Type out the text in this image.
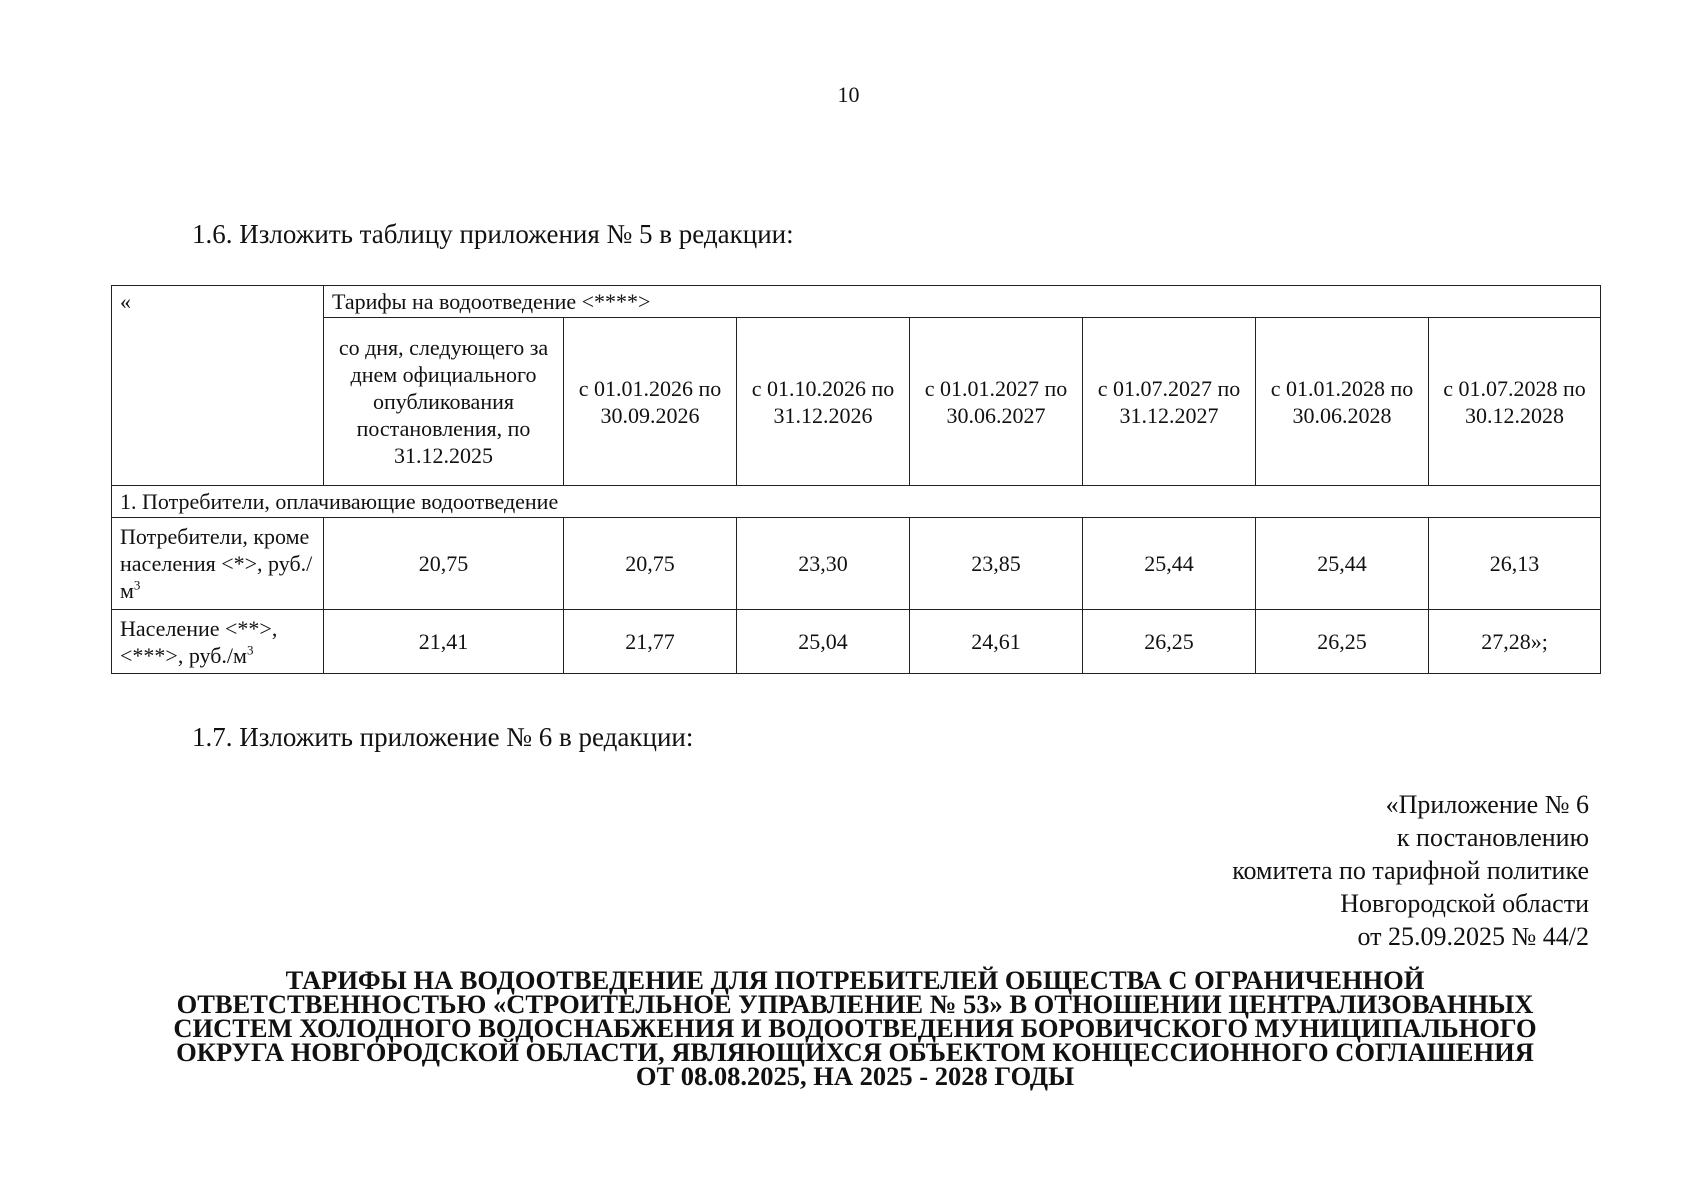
10
1.6. Изложить таблицу приложения № 5 в редакции:
«	Тарифы на водоотведение <****>						
	со дня, следующего за днем официального опубликования постановления, по 31.12.2025	с 01.01.2026 по 30.09.2026	с 01.10.2026 по 31.12.2026	с 01.01.2027 по 30.06.2027	с 01.07.2027 по 31.12.2027	с 01.01.2028 по 30.06.2028	с 01.07.2028 по 30.12.2028
1. Потребители, оплачивающие водоотведение							
Потребители, кроме населения <*>, $руб./м^3$	20,75	20,75	23,30	23,85	25,44	25,44	26,13
Население <**>, <***>, $руб./м^3$	21,41	21,77	25,04	24,61	26,25	26,25	27,28»;
1.7. Изложить приложение № 6 в редакции:
«Приложение № 6
к постановлению
комитета по тарифной политике
Новгородской области
от 25.09.2025 № 44/2
ТАРИФЫ НА ВОДООТВЕДЕНИЕ ДЛЯ ПОТРЕБИТЕЛЕЙ ОБЩЕСТВА С ОГРАНИЧЕННОЙ
ОТВЕТСТВЕННОСТЬЮ «СТРОИТЕЛЬНОЕ УПРАВЛЕНИЕ № 53» В ОТНОШЕНИИ ЦЕНТРАЛИЗОВАННЫХ
СИСТЕМ ХОЛОДНОГО ВОДОСНАБЖЕНИЯ И ВОДООТВЕДЕНИЯ БОРОВИЧСКОГО МУНИЦИПАЛЬНОГО
ОКРУГА НОВГОРОДСКОЙ ОБЛАСТИ, ЯВЛЯЮЩИХСЯ ОБЪЕКТОМ КОНЦЕССИОННОГО СОГЛАШЕНИЯ
ОТ 08.08.2025, НА 2025 - 2028 ГОДЫ
